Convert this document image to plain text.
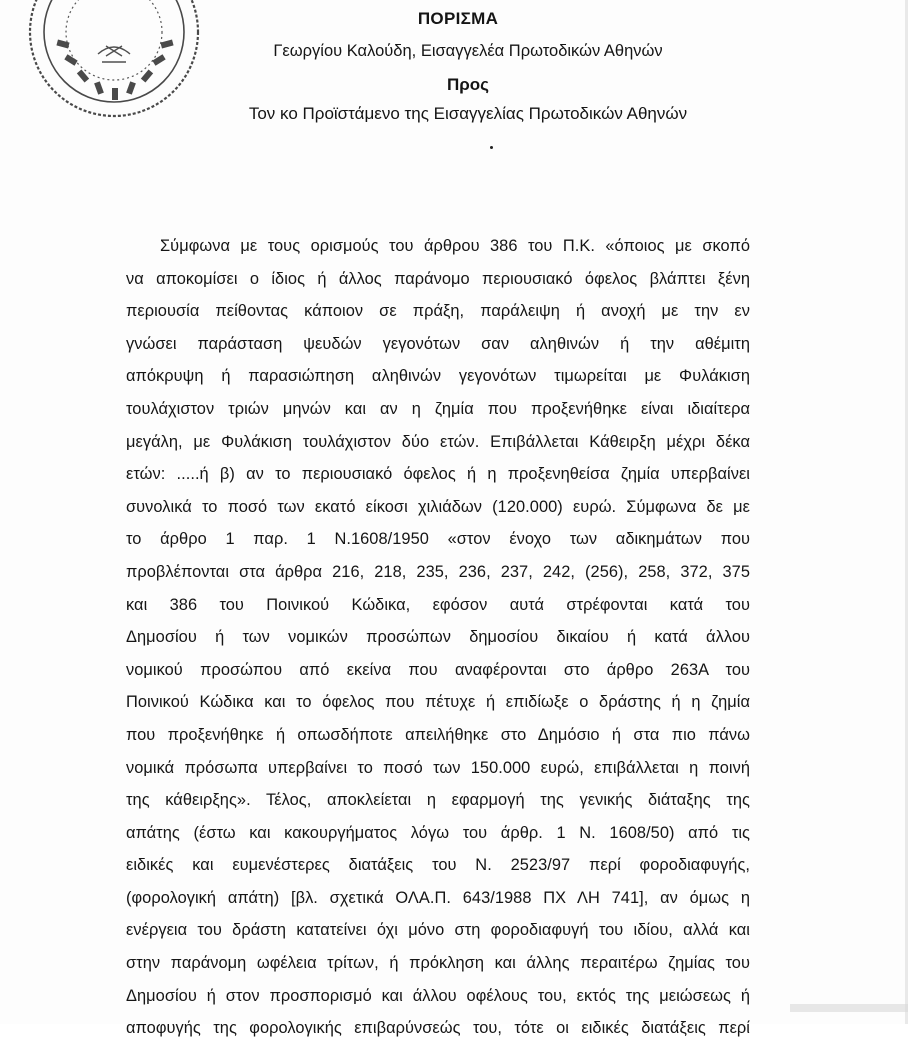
ΠΟΡΙΣΜΑ
Γεωργίου Καλούδη, Εισαγγελέα Πρωτοδικών Αθηνών
Προς
Τον κο Προϊστάμενο της Εισαγγελίας Πρωτοδικών Αθηνών
Σύμφωνα με τους ορισμούς του άρθρου 386 του Π.Κ. «όποιος με σκοπό
να αποκομίσει ο ίδιος ή άλλος παράνομο περιουσιακό όφελος βλάπτει ξένη
περιουσία πείθοντας κάποιον σε πράξη, παράλειψη ή ανοχή με την εν
γνώσει παράσταση ψευδών γεγονότων σαν αληθινών ή την αθέμιτη
απόκρυψη ή παρασιώπηση αληθινών γεγονότων τιμωρείται με Φυλάκιση
τουλάχιστον τριών μηνών και αν η ζημία που προξενήθηκε είναι ιδιαίτερα
μεγάλη, με Φυλάκιση τουλάχιστον δύο ετών. Επιβάλλεται Κάθειρξη μέχρι δέκα
ετών: .....ή β) αν το περιουσιακό όφελος ή η προξενηθείσα ζημία υπερβαίνει
συνολικά το ποσό των εκατό είκοσι χιλιάδων (120.000) ευρώ. Σύμφωνα δε με
το άρθρο 1 παρ. 1 Ν.1608/1950 «στον ένοχο των αδικημάτων που
προβλέπονται στα άρθρα 216, 218, 235, 236, 237, 242, (256), 258, 372, 375
και 386 του Ποινικού Κώδικα, εφόσον αυτά στρέφονται κατά του
Δημοσίου ή των νομικών προσώπων δημοσίου δικαίου ή κατά άλλου
νομικού προσώπου από εκείνα που αναφέρονται στο άρθρο 263Α του
Ποινικού Κώδικα και το όφελος που πέτυχε ή επιδίωξε ο δράστης ή η ζημία
που προξενήθηκε ή οπωσδήποτε απειλήθηκε στο Δημόσιο ή στα πιο πάνω
νομικά πρόσωπα υπερβαίνει το ποσό των 150.000 ευρώ, επιβάλλεται η ποινή
της κάθειρξης». Τέλος, αποκλείεται η εφαρμογή της γενικής διάταξης της
απάτης (έστω και κακουργήματος λόγω του άρθρ. 1 Ν. 1608/50) από τις
ειδικές και ευμενέστερες διατάξεις του Ν. 2523/97 περί φοροδιαφυγής,
(φορολογική απάτη) [βλ. σχετικά ΟΛΑ.Π. 643/1988 ΠΧ ΛΗ 741], αν όμως η
ενέργεια του δράστη κατατείνει όχι μόνο στη φοροδιαφυγή του ιδίου, αλλά και
στην παράνομη ωφέλεια τρίτων, ή πρόκληση και άλλης περαιτέρω ζημίας του
Δημοσίου ή στον προσπορισμό και άλλου οφέλους του, εκτός της μειώσεως ή
αποφυγής της φορολογικής επιβαρύνσεώς του, τότε οι ειδικές διατάξεις περί
